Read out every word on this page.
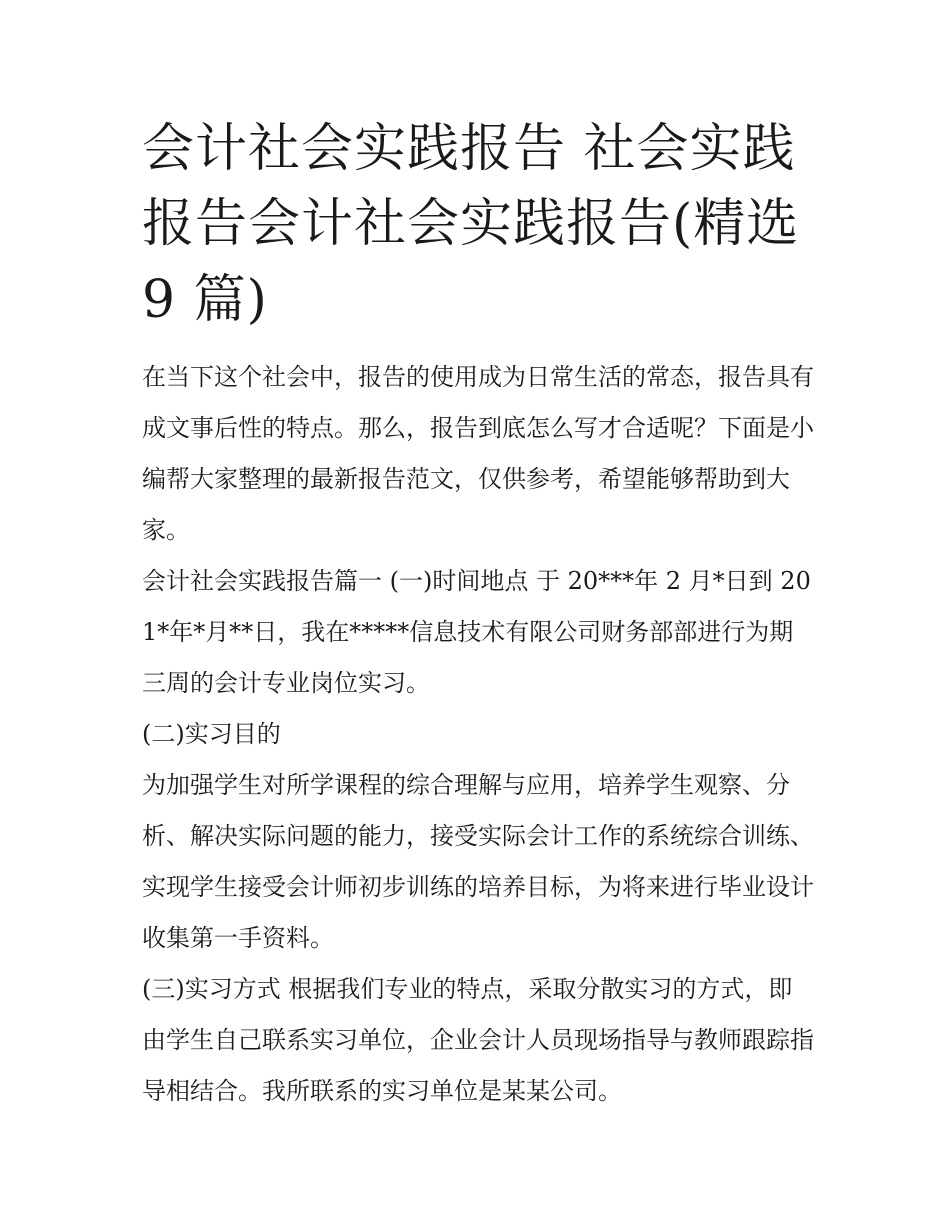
会计社会实践报告 社会实践报告会计社会实践报告(精选 9 篇)

在当下这个社会中，报告的使用成为日常生活的常态，报告具有成文事后性的特点。那么，报告到底怎么写才合适呢？下面是小编帮大家整理的最新报告范文，仅供参考，希望能够帮助到大家。

会计社会实践报告篇一 (一)时间地点 于 20***年 2 月*日到 201*年*月**日，我在*****信息技术有限公司财务部部进行为期三周的会计专业岗位实习。

(二)实习目的

为加强学生对所学课程的综合理解与应用，培养学生观察、分析、解决实际问题的能力，接受实际会计工作的系统综合训练、实现学生接受会计师初步训练的培养目标，为将来进行毕业设计收集第一手资料。

(三)实习方式 根据我们专业的特点，采取分散实习的方式，即由学生自己联系实习单位，企业会计人员现场指导与教师跟踪指导相结合。我所联系的实习单位是某某公司。
